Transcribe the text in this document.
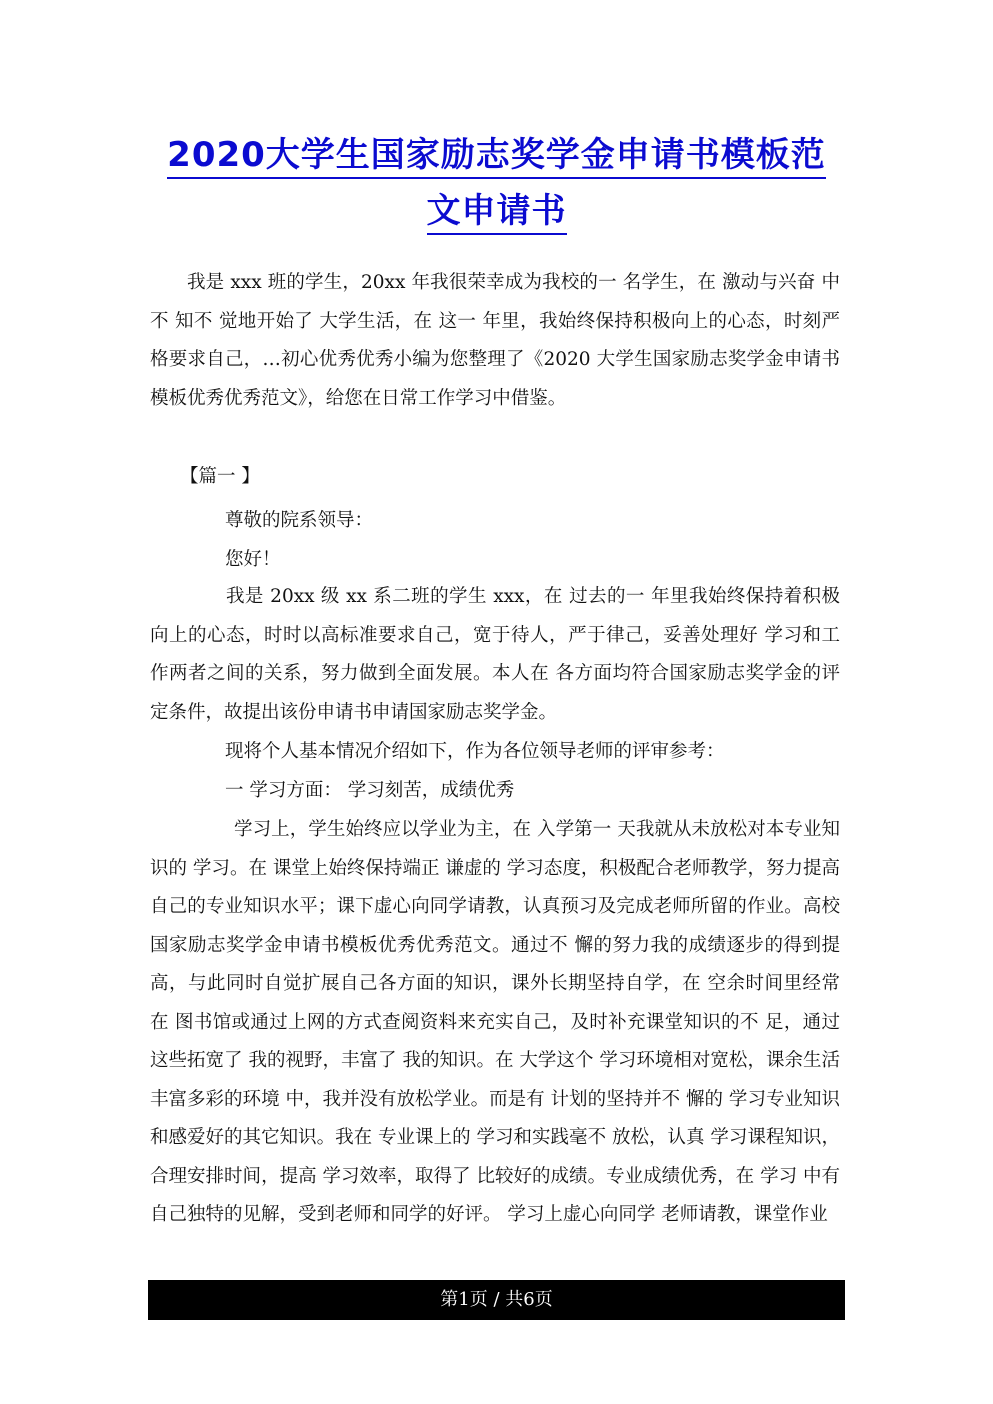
2020大学生国家励志奖学金申请书模板范
文申请书

我是 xxx 班的学生，20xx 年我很荣幸成为我校的一 名学生，在 激动与兴奋 中不 知不 觉地开始了 大学生活，在 这一 年里，我始终保持积极向上的心态，时刻严格要求自己，…初心优秀优秀小编为您整理了《2020 大学生国家励志奖学金申请书模板优秀优秀范文》，给您在日常工作学习中借鉴。

【篇一 】

尊敬的院系领导：

您好！

我是 20xx 级 xx 系二班的学生 xxx，在 过去的一 年里我始终保持着积极向上的心态，时时以高标准要求自己，宽于待人，严于律己，妥善处理好 学习和工作两者之间的关系，努力做到全面发展。本人在 各方面均符合国家励志奖学金的评定条件，故提出该份申请书申请国家励志奖学金。

现将个人基本情况介绍如下，作为各位领导老师的评审参考：

一 学习方面： 学习刻苦，成绩优秀

学习上，学生始终应以学业为主，在 入学第一 天我就从未放松对本专业知识的 学习。在 课堂上始终保持端正 谦虚的 学习态度，积极配合老师教学，努力提高自己的专业知识水平；课下虚心向同学请教，认真预习及完成老师所留的作业。高校国家励志奖学金申请书模板优秀优秀范文。通过不 懈的努力我的成绩逐步的得到提高，与此同时自觉扩展自己各方面的知识，课外长期坚持自学，在 空余时间里经常在 图书馆或通过上网的方式查阅资料来充实自己，及时补充课堂知识的不 足，通过这些拓宽了 我的视野，丰富了 我的知识。在 大学这个 学习环境相对宽松，课余生活丰富多彩的环境 中，我并没有放松学业。而是有 计划的坚持并不 懈的 学习专业知识和感爱好的其它知识。我在 专业课上的 学习和实践毫不 放松，认真 学习课程知识，合理安排时间，提高 学习效率，取得了 比较好的成绩。专业成绩优秀，在 学习 中有 自己独特的见解，受到老师和同学的好评。 学习上虚心向同学 老师请教，课堂作业

第1页 / 共6页
